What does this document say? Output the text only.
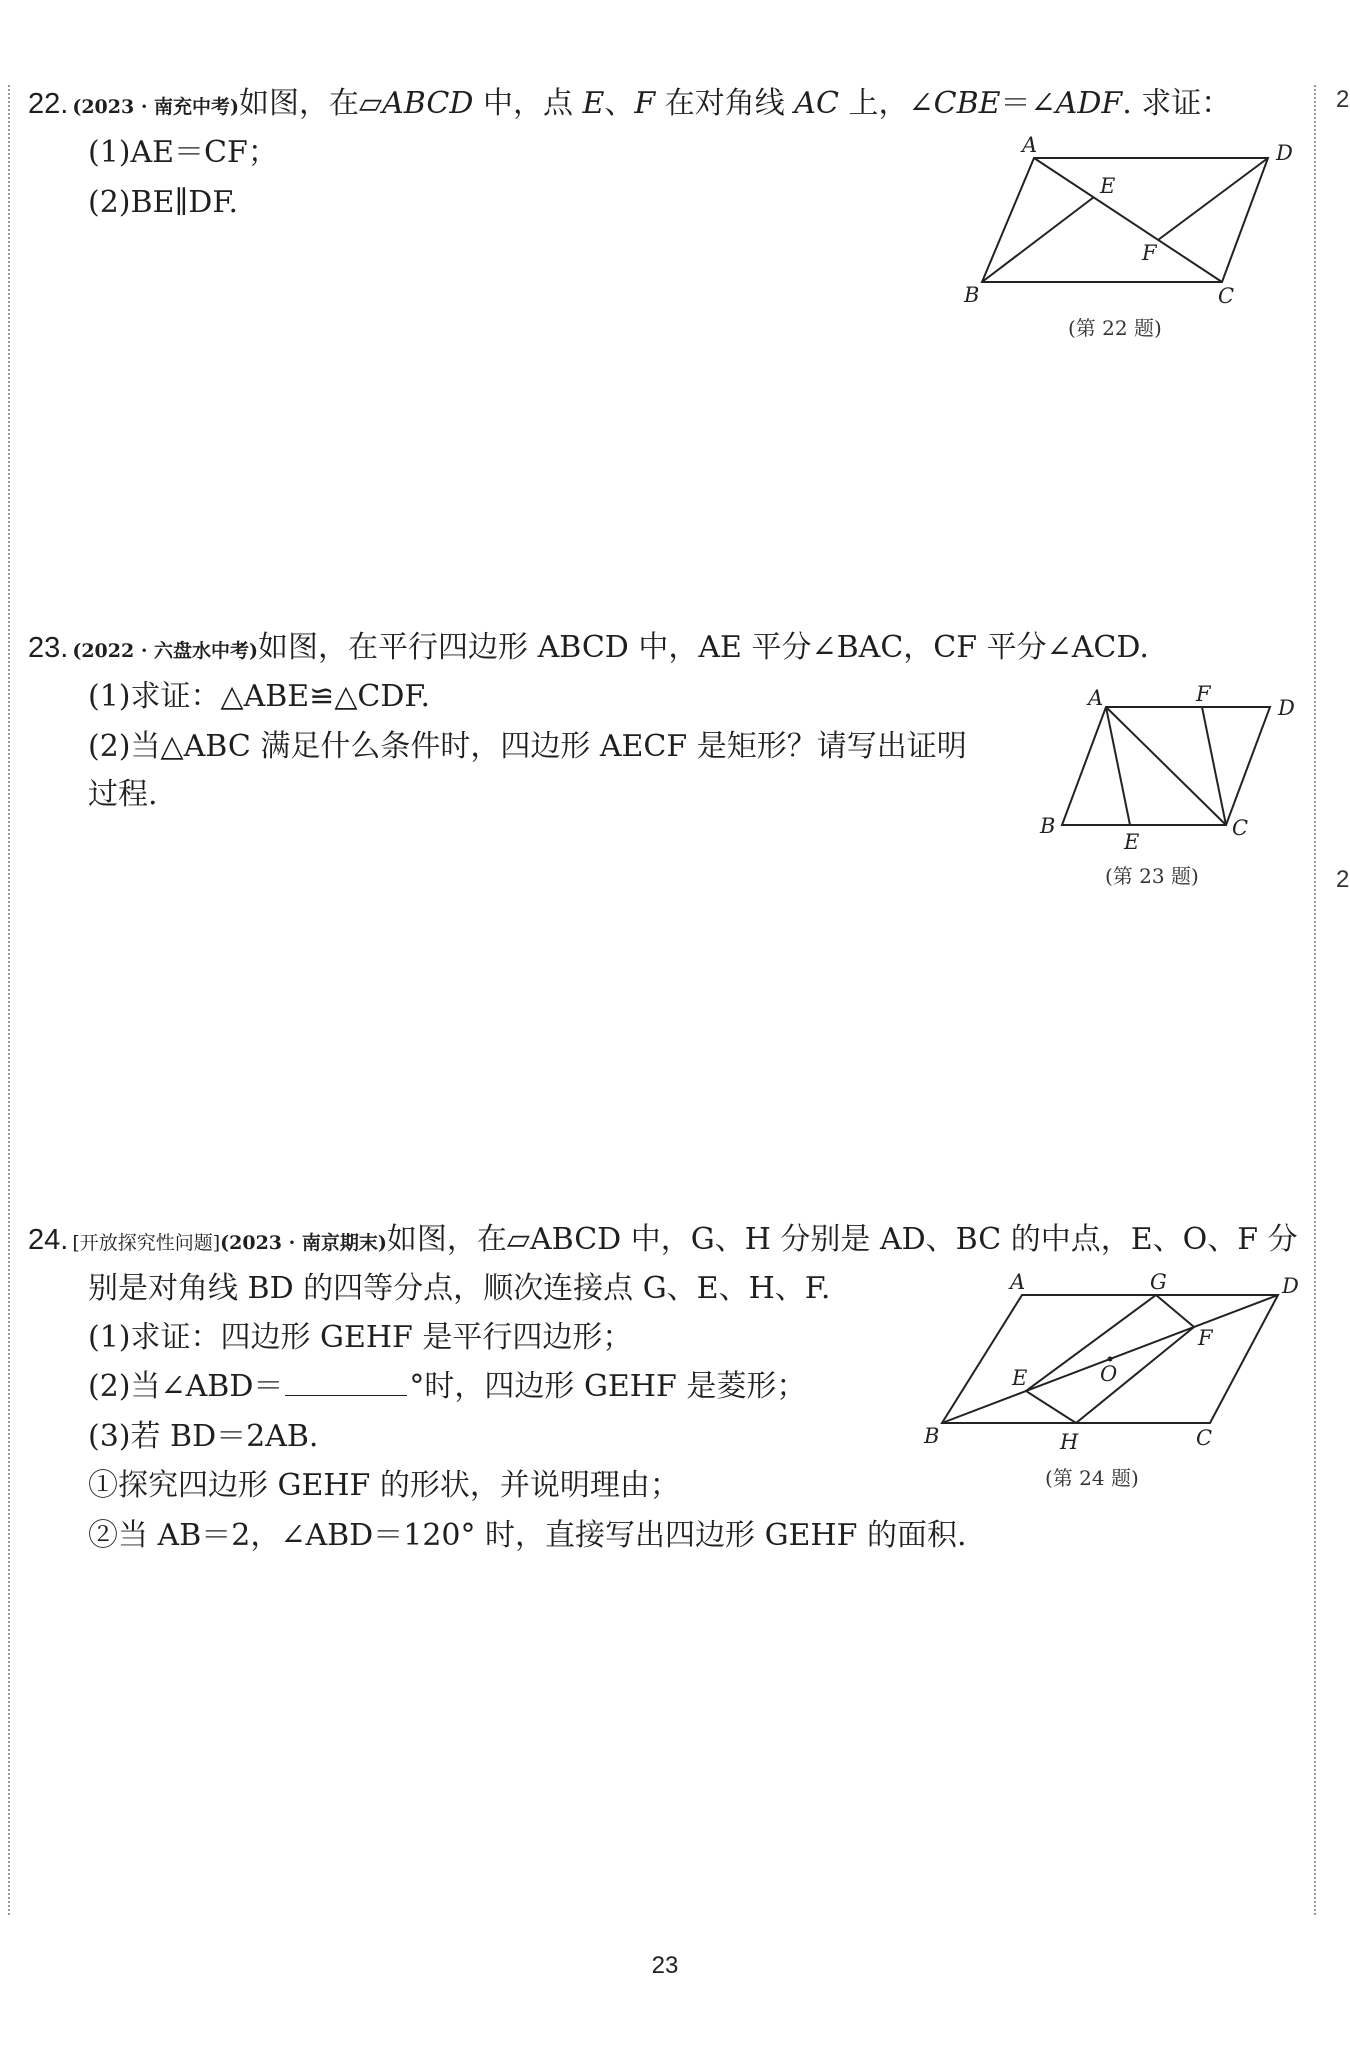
2
2
22. (2023 · 南充中考)如图，在▱ABCD 中，点 E、F 在对角线 AC 上，∠CBE＝∠ADF. 求证：
(1)AE＝CF；
(2)BE∥DF.
A	D
E
F
B	C
(第 22 题)
23. (2022 · 六盘水中考)如图，在平行四边形 ABCD 中，AE 平分∠BAC，CF 平分∠ACD.
(1)求证：△ABE≌△CDF.
(2)当△ABC 满足什么条件时，四边形 AECF 是矩形？请写出证明
过程.
A	F
D
B
E
C
(第 23 题)
24. [开放探究性问题](2023 · 南京期末)如图，在▱ABCD 中，G、H 分别是 AD、BC 的中点，E、O、F 分
别是对角线 BD 的四等分点，顺次连接点 G、E、H、F.
(1)求证：四边形 GEHF 是平行四边形；
(2)当∠ABD＝	°时，四边形 GEHF 是菱形；
(3)若 BD＝2AB.
①探究四边形 GEHF 的形状，并说明理由；
②当 AB＝2，∠ABD＝120° 时，直接写出四边形 GEHF 的面积.
A	G	D
F
E	O
B	H	C
(第 24 题)
23
